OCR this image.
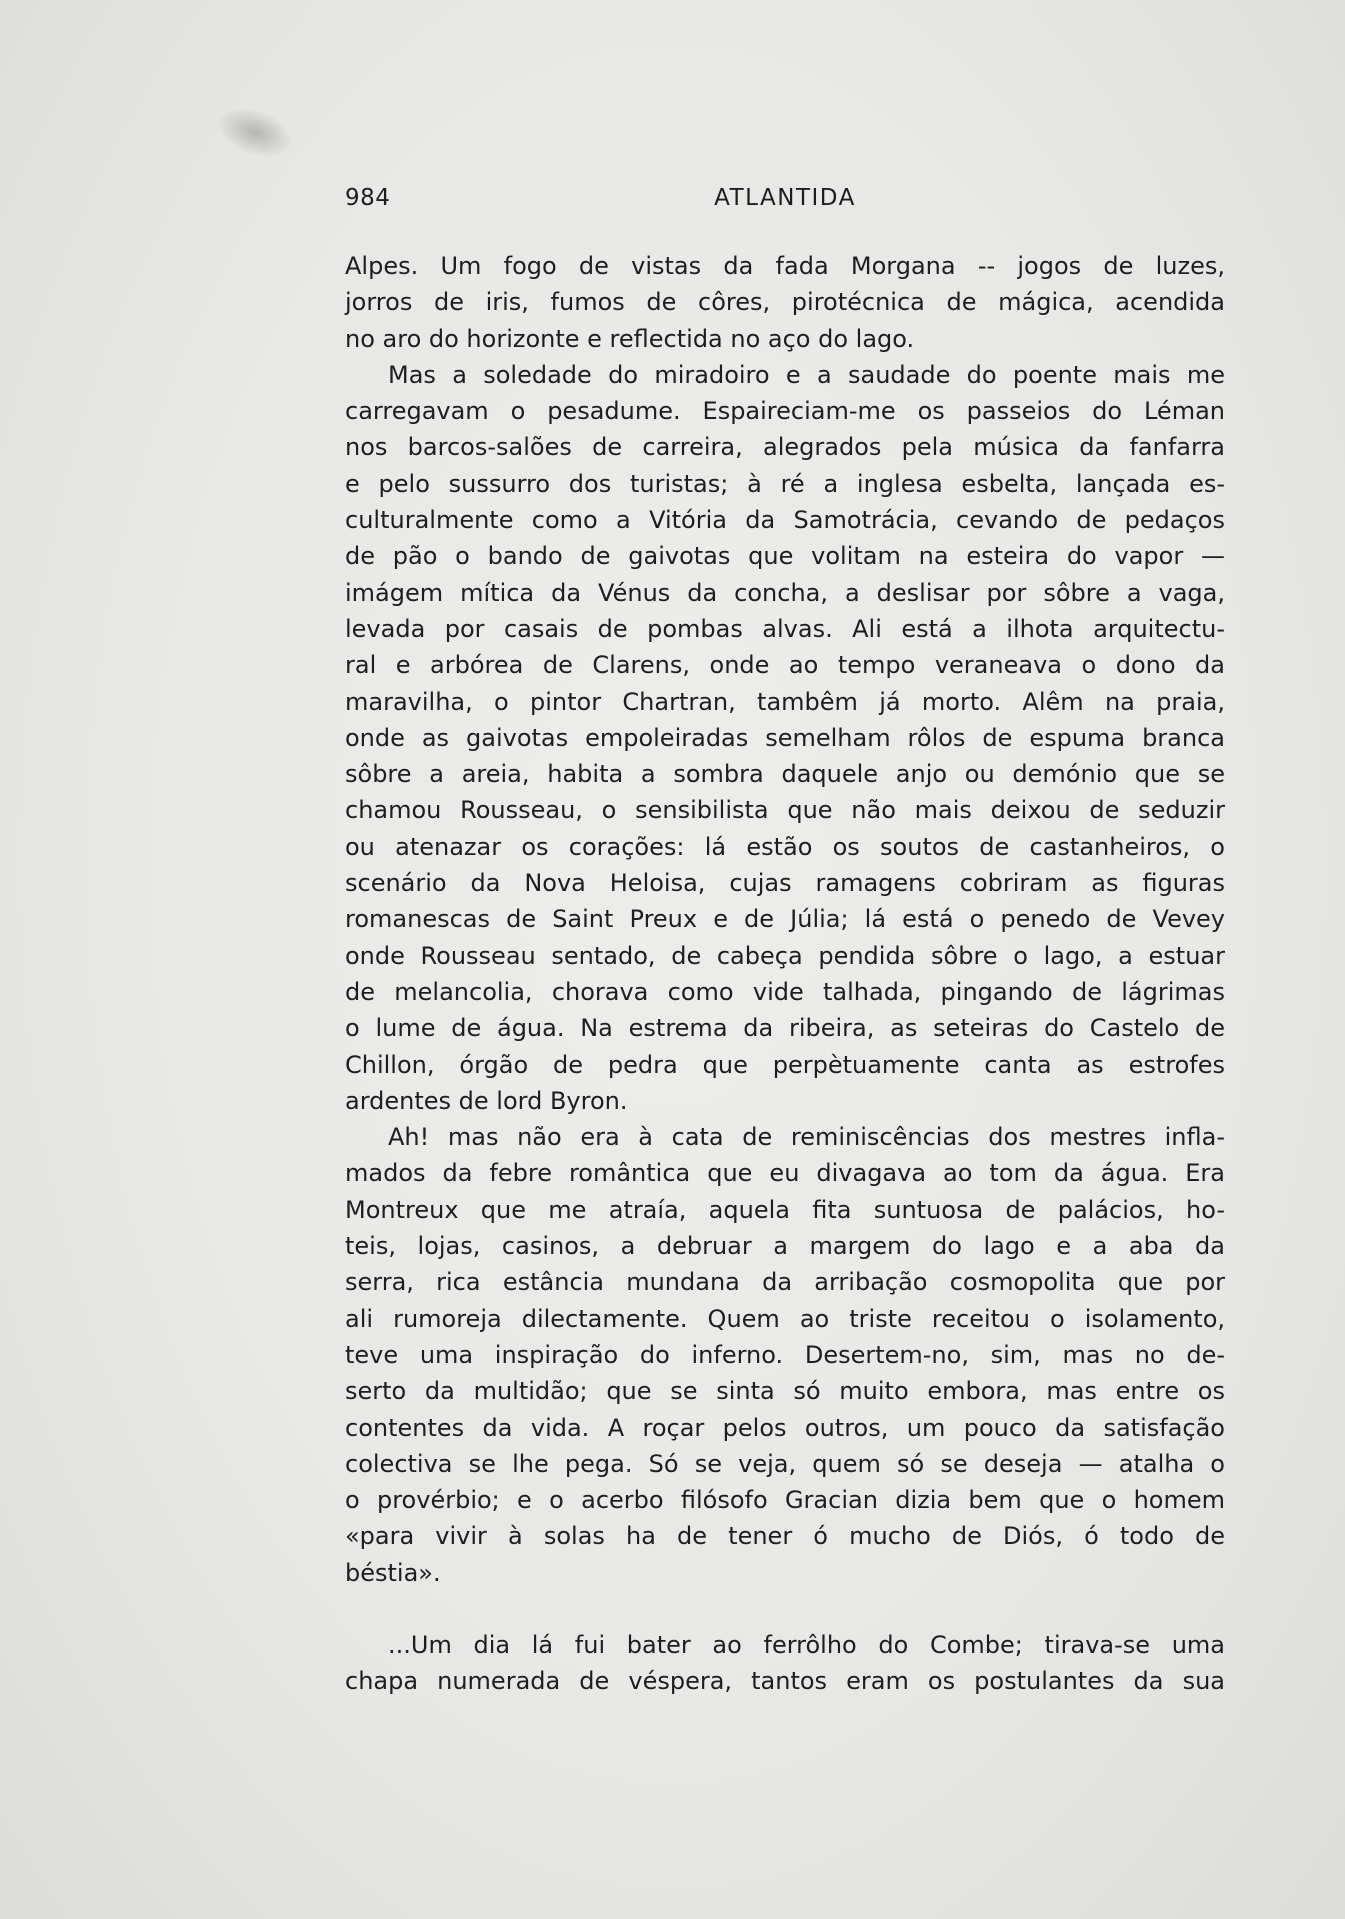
984	ATLANTIDA
Alpes. Um fogo de vistas da fada Morgana -- jogos de luzes,
jorros de iris, fumos de côres, pirotécnica de mágica, acendida
no aro do horizonte e reflectida no aço do lago.
Mas a soledade do miradoiro e a saudade do poente mais me
carregavam o pesadume. Espaireciam-me os passeios do Léman
nos barcos-salões de carreira, alegrados pela música da fanfarra
e pelo sussurro dos turistas; à ré a inglesa esbelta, lançada es-
culturalmente como a Vitória da Samotrácia, cevando de pedaços
de pão o bando de gaivotas que volitam na esteira do vapor —
imágem mítica da Vénus da concha, a deslisar por sôbre a vaga,
levada por casais de pombas alvas. Ali está a ilhota arquitectu-
ral e arbórea de Clarens, onde ao tempo veraneava o dono da
maravilha, o pintor Chartran, tambêm já morto. Alêm na praia,
onde as gaivotas empoleiradas semelham rôlos de espuma branca
sôbre a areia, habita a sombra daquele anjo ou demónio que se
chamou Rousseau, o sensibilista que não mais deixou de seduzir
ou atenazar os corações: lá estão os soutos de castanheiros, o
scenário da Nova Heloisa, cujas ramagens cobriram as figuras
romanescas de Saint Preux e de Júlia; lá está o penedo de Vevey
onde Rousseau sentado, de cabeça pendida sôbre o lago, a estuar
de melancolia, chorava como vide talhada, pingando de lágrimas
o lume de água. Na estrema da ribeira, as seteiras do Castelo de
Chillon, órgão de pedra que perpètuamente canta as estrofes
ardentes de lord Byron.
Ah! mas não era à cata de reminiscências dos mestres infla-
mados da febre romântica que eu divagava ao tom da água. Era
Montreux que me atraía, aquela fita suntuosa de palácios, ho-
teis, lojas, casinos, a debruar a margem do lago e a aba da
serra, rica estância mundana da arribação cosmopolita que por
ali rumoreja dilectamente. Quem ao triste receitou o isolamento,
teve uma inspiração do inferno. Desertem-no, sim, mas no de-
serto da multidão; que se sinta só muito embora, mas entre os
contentes da vida. A roçar pelos outros, um pouco da satisfação
colectiva se lhe pega. Só se veja, quem só se deseja — atalha o
o provérbio; e o acerbo filósofo Gracian dizia bem que o homem
«para vivir à solas ha de tener ó mucho de Diós, ó todo de
béstia».
...Um dia lá fui bater ao ferrôlho do Combe; tirava-se uma
chapa numerada de véspera, tantos eram os postulantes da sua
